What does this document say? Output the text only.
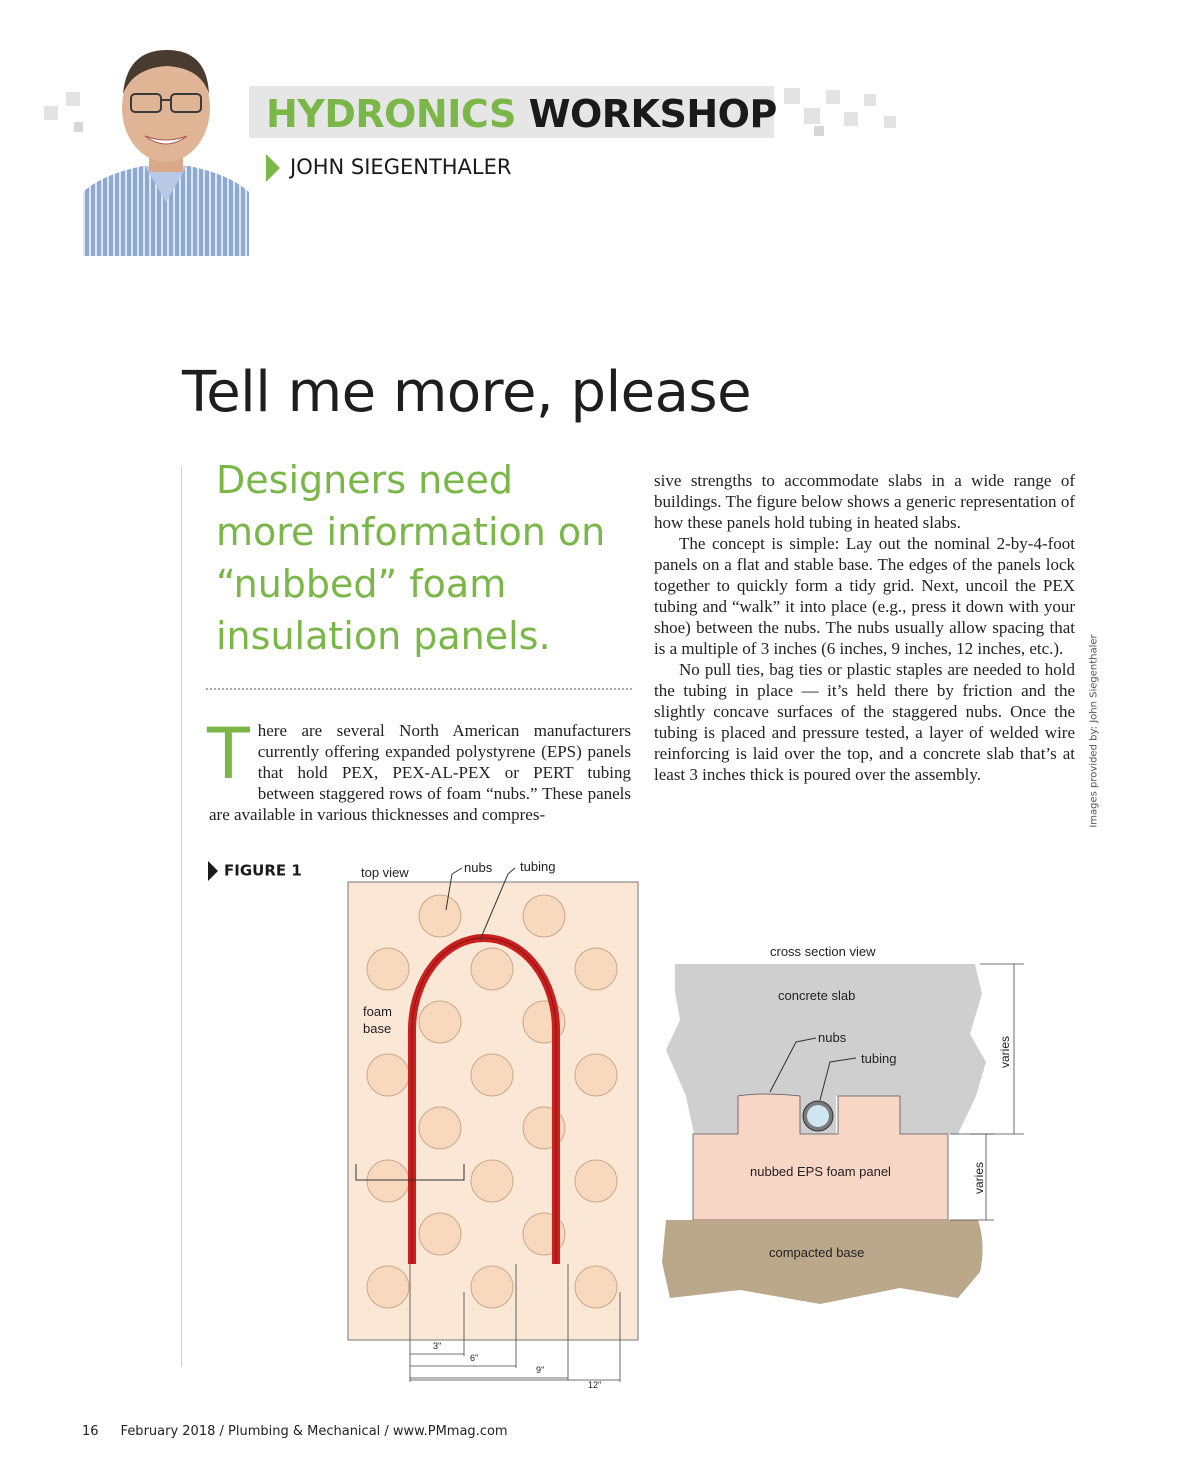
HYDRONICS WORKSHOP
JOHN SIEGENTHALER
Tell me more, please
Designers need more information on “nubbed” foam insulation panels.
There are several North American manufacturers currently offering expanded polystyrene (EPS) panels that hold PEX, PEX-AL-PEX or PERT tubing between staggered rows of foam “nubs.” These panels are available in various thicknesses and compres-

sive strengths to accommodate slabs in a wide range of buildings. The figure below shows a generic representation of how these panels hold tubing in heated slabs.

The concept is simple: Lay out the nominal 2-by-4-foot panels on a flat and stable base. The edges of the panels lock together to quickly form a tidy grid. Next, uncoil the PEX tubing and “walk” it into place (e.g., press it down with your shoe) between the nubs. The nubs usually allow spacing that is a multiple of 3 inches (6 inches, 9 inches, 12 inches, etc.).

No pull ties, bag ties or plastic staples are needed to hold the tubing in place — it’s held there by friction and the slightly concave surfaces of the staggered nubs. Once the tubing is placed and pressure tested, a layer of welded wire reinforcing is laid over the top, and a concrete slab that’s at least 3 inches thick is poured over the assembly.	Images provided by: John Siegenthaler
FIGURE 1	top view	nubs tubing
foam
base
3"
6"
9"
12"
cross section view
concrete slab
nubs
tubing
nubbed EPS foam panel
compacted base
varies
varies
16 February 2018 / Plumbing & Mechanical / www.PMmag.com
